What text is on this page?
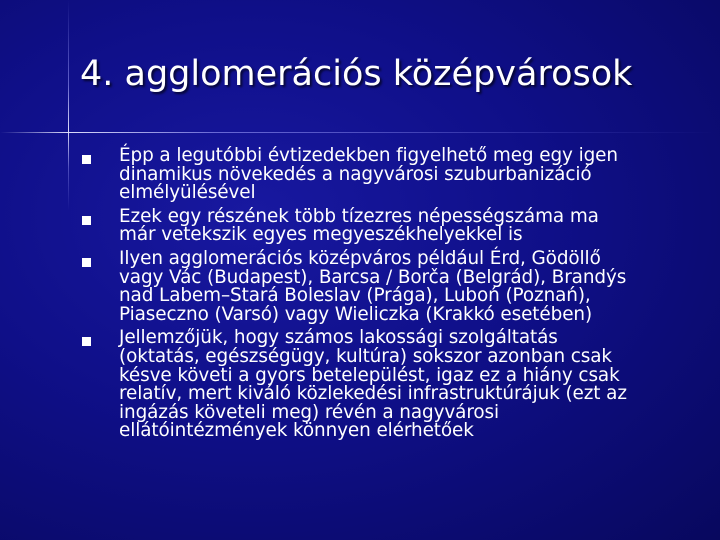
4. agglomerációs középvárosok
Épp a legutóbbi évtizedekben figyelhető meg egy igen
dinamikus növekedés a nagyvárosi szuburbanizáció
elmélyülésével
Ezek egy részének több tízezres népességszáma ma
már vetekszik egyes megyeszékhelyekkel is
Ilyen agglomerációs középváros például Érd, Gödöllő
vagy Vác (Budapest), Barcsa / Borča (Belgrád), Brandýs
nad Labem–Stará Boleslav (Prága), Luboń (Poznań),
Piaseczno (Varsó) vagy Wieliczka (Krakkó esetében)
Jellemzőjük, hogy számos lakossági szolgáltatás
(oktatás, egészségügy, kultúra) sokszor azonban csak
késve követi a gyors betelepülést, igaz ez a hiány csak
relatív, mert kiváló közlekedési infrastruktúrájuk (ezt az
ingázás követeli meg) révén a nagyvárosi
ellátóintézmények könnyen elérhetőek
